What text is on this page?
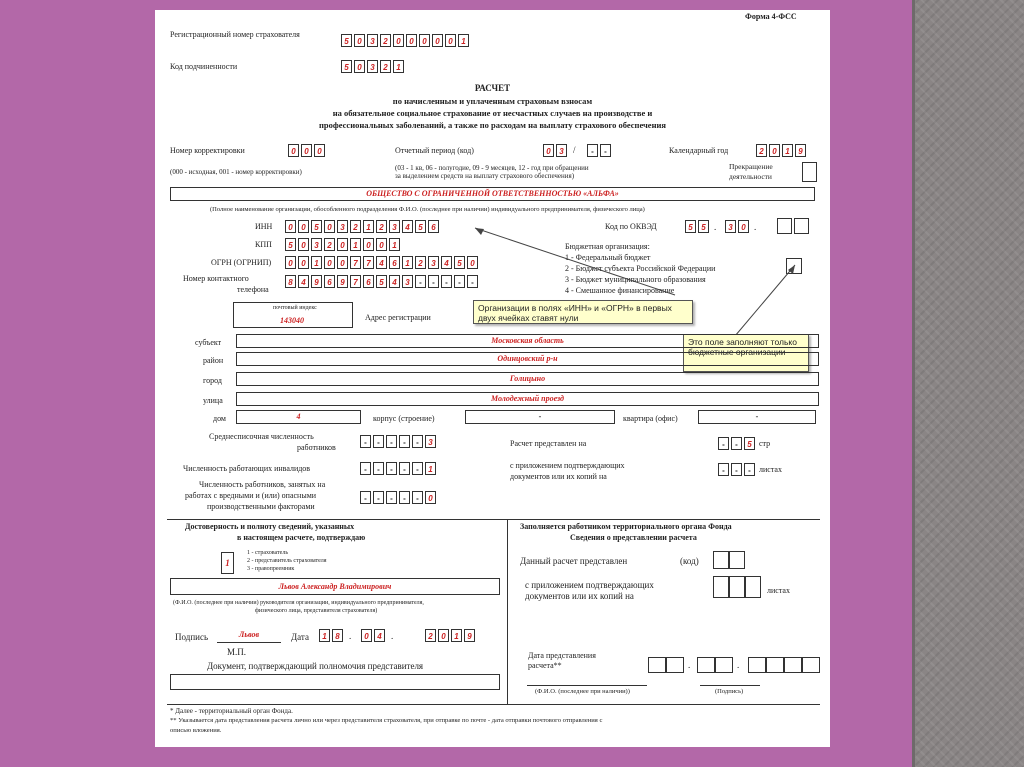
Форма 4-ФСС
Регистрационный номер страхователя
5	0	3	2	0	0	0	0	0	1
Код подчиненности	5	0	3	2	1
РАСЧЕТ
по начисленным и уплаченным страховым взносам
на обязательное социальное страхование от несчастных случаев на производстве и
профессиональных заболеваний, а также по расходам на выплату страхового обеспечения
Номер корректировки	0	0	0
(000 - исходная, 001 - номер корректировки)
Отчетный период (код)	0	3	/	-	-
(03 - 1 кв, 06 - полугодие, 09 - 9 месяцев, 12 - год при обращении
за выделением средств на выплату страхового обеспечения)
Календарный год	2	0	1	9
Прекращение
деятельности
ОБЩЕСТВО С ОГРАНИЧЕННОЙ ОТВЕТСТВЕННОСТЬЮ «АЛЬФА»
(Полное наименование организации, обособленного подразделения Ф.И.О. (последнее при наличии) индивидуального предпринимателя, физического лица)
ИНН	0	0	5	0	3	2	1	2	3	4	5	6
КПП	5	0	3	2	0	1	0	0	1
ОГРН (ОГРНИП)	0	0	1	0	0	7	7	4	6	1	2	3	4	5	0
Номер контактного
телефона
8	4	9	6	9	7	6	5	4	3	-	-	-	-	-
Код по ОКВЭД	5	5 .	3	0 .
Бюджетная организация:
1 - Федеральный бюджет
2 - Бюджет субъекта Российской Федерации
3 - Бюджет муниципального образования
4 - Смешанное финансирование
Организации в полях «ИНН» и «ОГРН» в первых двух ячейках ставят нули
Это поле заполняют только бюджетные организации
почтовый индекс
143040	Адрес регистрации
субъект	Московская область
район	Одинцовский р-н
город	Голицыно
улица	Молодежный проезд
дом	4	корпус (строение)	-	квартира (офис)	-
Среднесписочная численность
работников
-	-	-	-	-	3
Численность работающих инвалидов	-	-	-	-	-	1
Численность работников, занятых на
работах с вредными и (или) опасными
производственными факторами
-	-	-	-	-	0
Расчет представлен на	-	-	5 стр
с приложением подтверждающих
документов или их копий на
-	-	-	листах
Достоверность и полноту сведений, указанных
в настоящем расчете, подтверждаю
1
1 - страхователь
2 - представитель страхователя
3 - правопреемник
Львов Александр Владимирович
(Ф.И.О. (последнее при наличии) руководителя организации, индивидуального предпринимателя,
физического лица, представителя страхователя)
Подпись	Львов	Дата	1	8	.	0	4	.	2	0	1	9
М.П.
Документ, подтверждающий полномочия представителя
Заполняется работником территориального органа Фонда
Сведения о представлении расчета
Данный расчет представлен	(код)
с приложением подтверждающих
документов или их копий на
листах
Дата представления
расчета**	.	.
(Ф.И.О. (последнее при наличии))	(Подпись)
* Далее - территориальный орган Фонда.
** Указывается дата представления расчета лично или через представителя страхователя, при отправке по почте - дата отправки почтового отправления с
описью вложения.
